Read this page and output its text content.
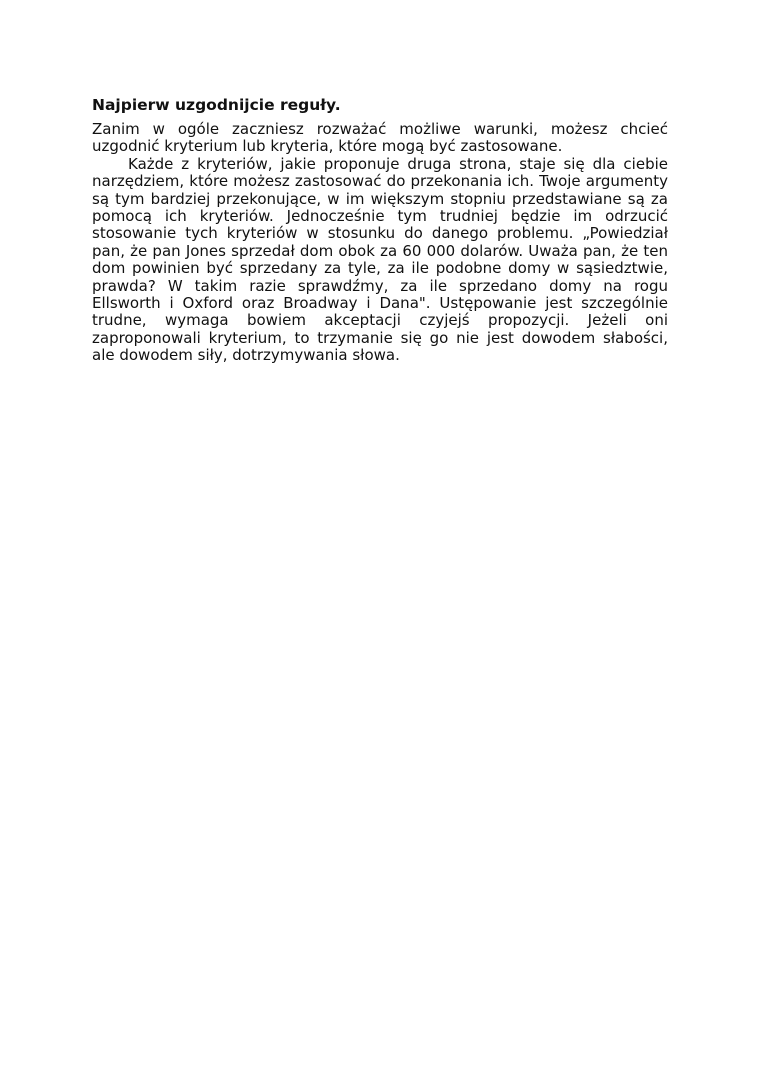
Najpierw uzgodnijcie reguły.

Zanim w ogóle zaczniesz rozważać możliwe warunki, możesz chcieć uzgodnić kryterium lub kryteria, które mogą być zastosowane.

Każde z kryteriów, jakie proponuje druga strona, staje się dla ciebie narzędziem, które możesz zastosować do przekonania ich. Twoje argumenty są tym bardziej przekonujące, w im większym stopniu przedstawiane są za pomocą ich kryteriów. Jednocześnie tym trudniej będzie im odrzucić stosowanie tych kryteriów w stosunku do danego problemu. „Powiedział pan, że pan Jones sprzedał dom obok za 60 000 dolarów. Uważa pan, że ten dom powinien być sprzedany za tyle, za ile podobne domy w sąsiedztwie, prawda? W takim razie sprawdźmy, za ile sprzedano domy na rogu Ellsworth i Oxford oraz Broadway i Dana". Ustępowanie jest szczególnie trudne, wymaga bowiem akceptacji czyjejś propozycji. Jeżeli oni zaproponowali kryterium, to trzymanie się go nie jest dowodem słabości, ale dowodem siły, dotrzymywania słowa.
